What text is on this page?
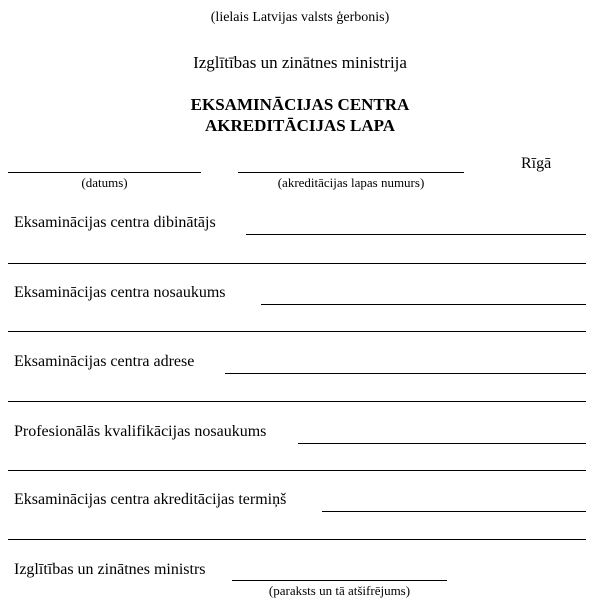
(lielais Latvijas valsts ģerbonis)
Izglītības un zinātnes ministrija
EKSAMINĀCIJAS CENTRA
AKREDITĀCIJAS LAPA
(datums)	(akreditācijas lapas numurs)
Rīgā
Eksaminācijas centra dibinātājs
Eksaminācijas centra nosaukums
Eksaminācijas centra adrese
Profesionālās kvalifikācijas nosaukums
Eksaminācijas centra akreditācijas termiņš
Izglītības un zinātnes ministrs
(paraksts un tā atšifrējums)
